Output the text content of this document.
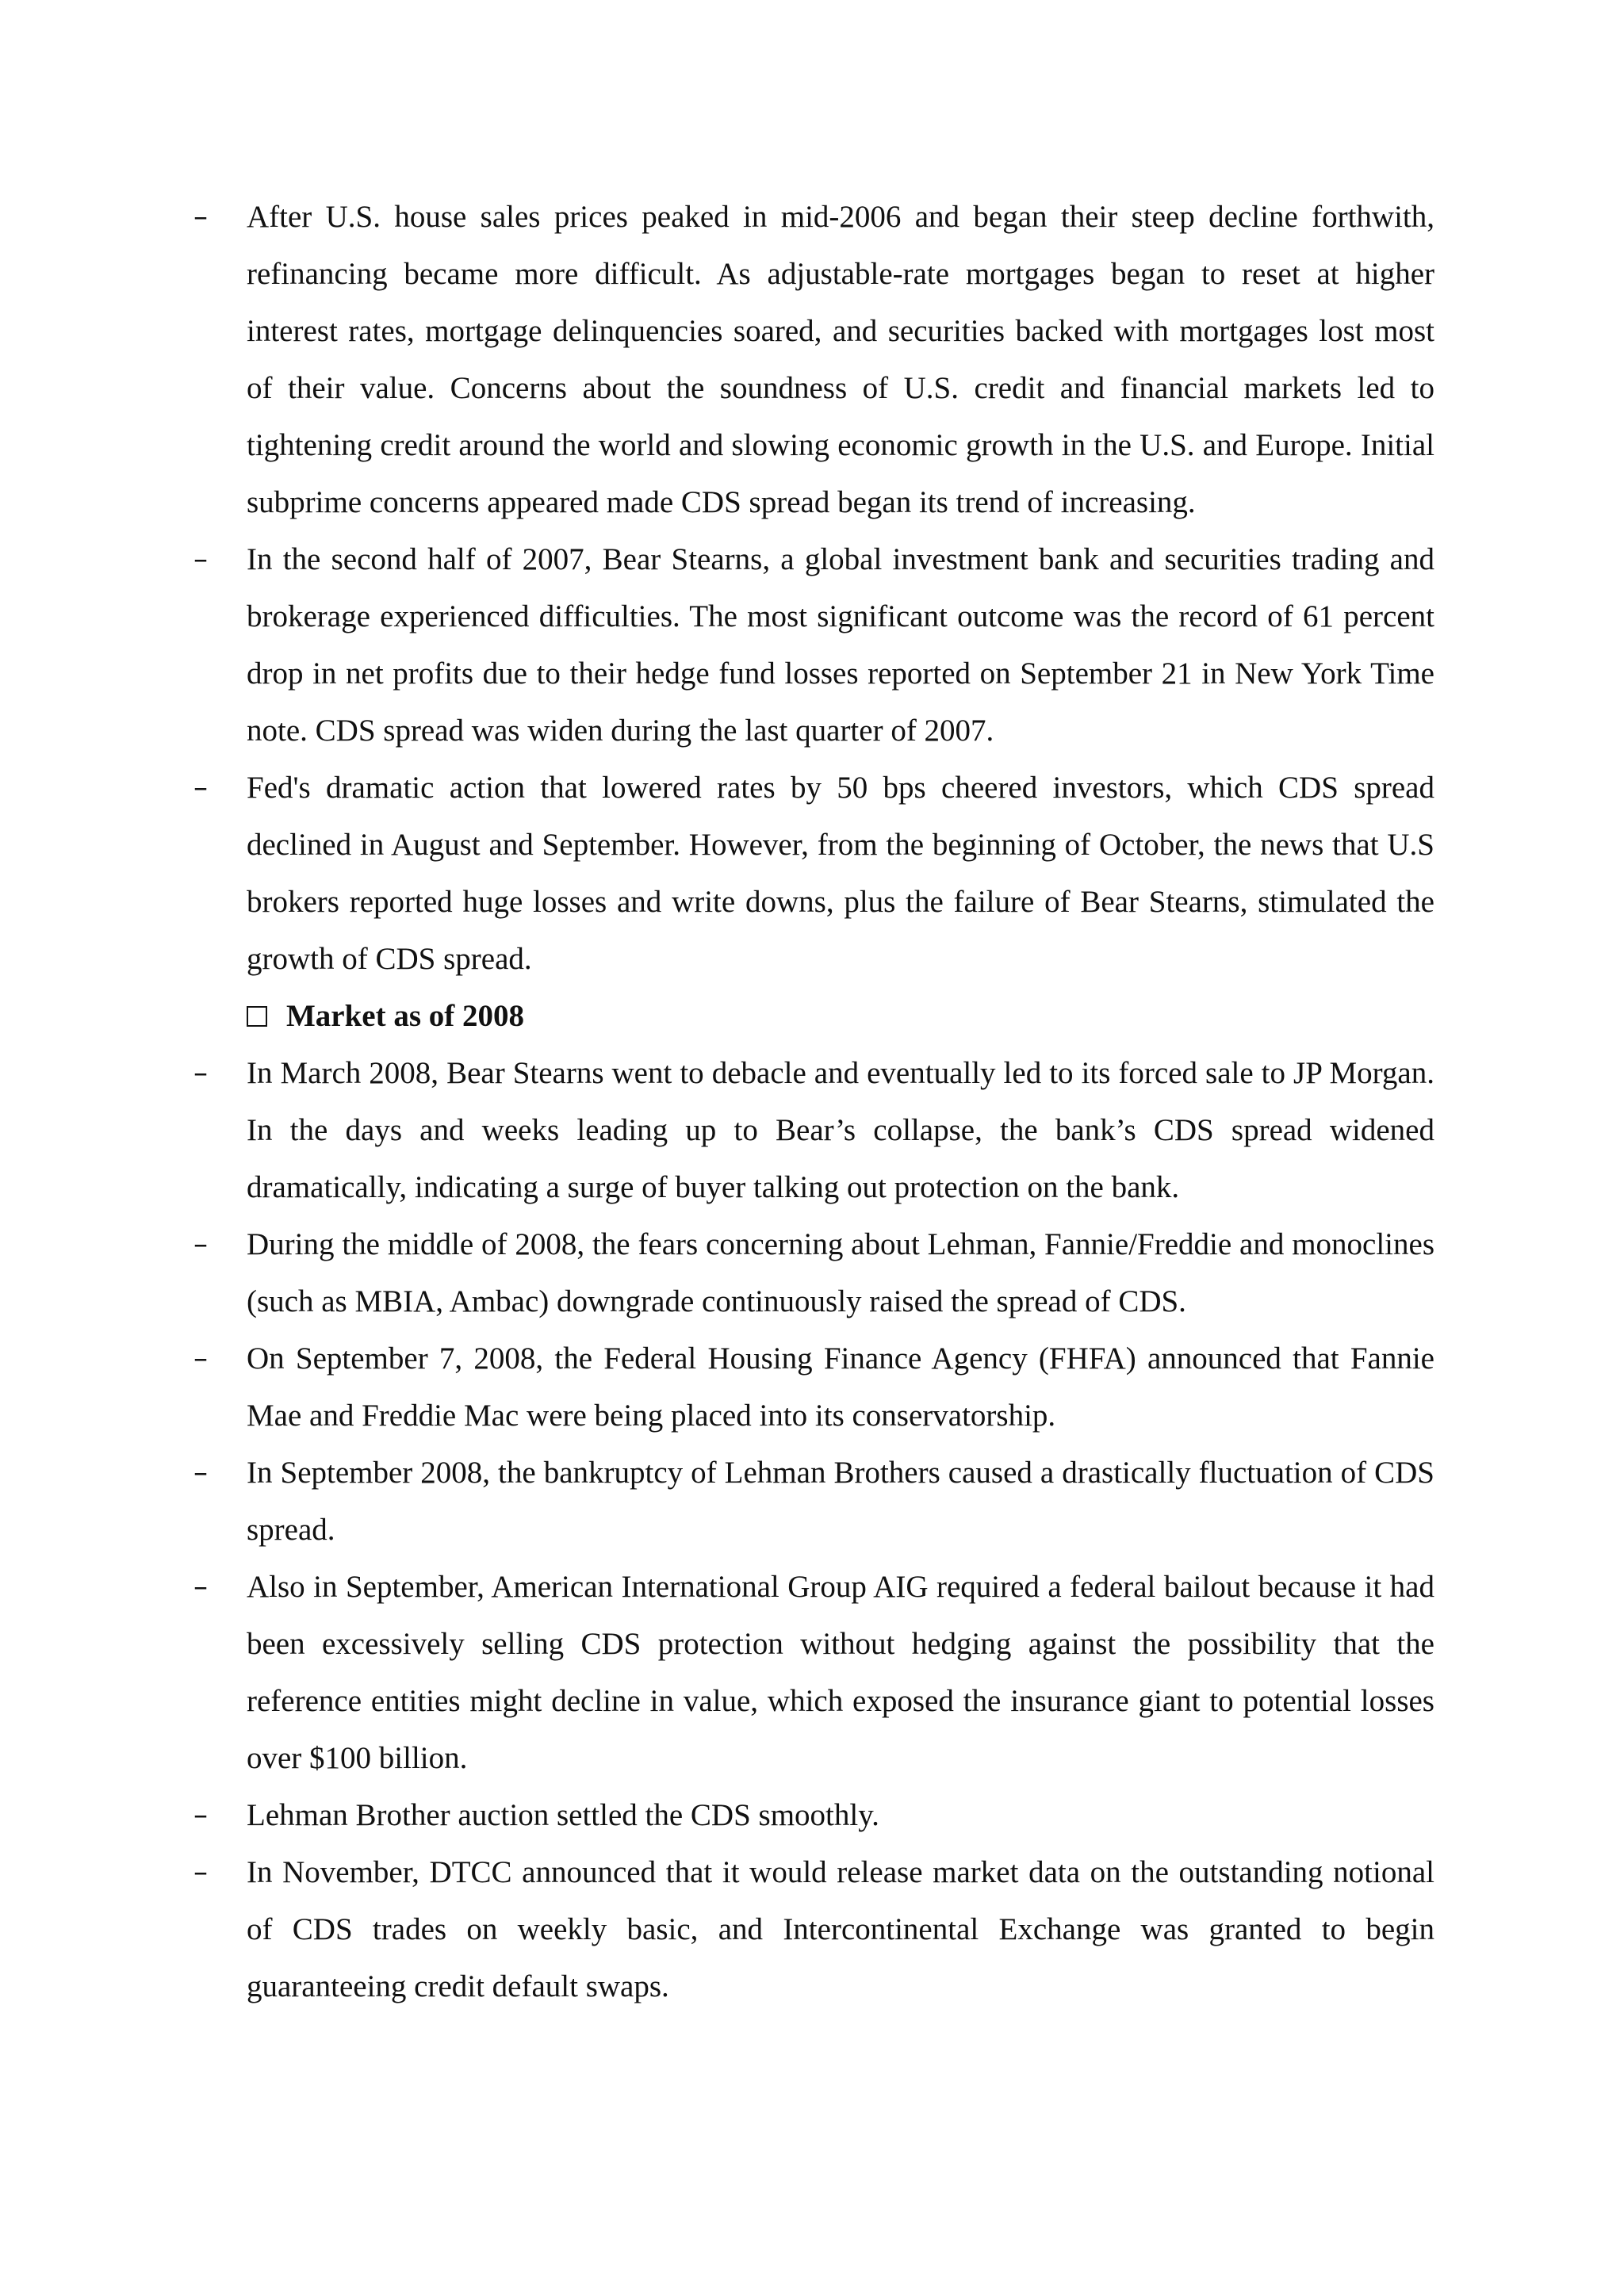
– After U.S. house sales prices peaked in mid-2006 and began their steep decline forthwith, refinancing became more difficult. As adjustable-rate mortgages began to reset at higher interest rates, mortgage delinquencies soared, and securities backed with mortgages lost most of their value. Concerns about the soundness of U.S. credit and financial markets led to tightening credit around the world and slowing economic growth in the U.S. and Europe. Initial subprime concerns appeared made CDS spread began its trend of increasing.
– In the second half of 2007, Bear Stearns, a global investment bank and securities trading and brokerage experienced difficulties. The most significant outcome was the record of 61 percent drop in net profits due to their hedge fund losses reported on September 21 in New York Time note. CDS spread was widen during the last quarter of 2007.
– Fed's dramatic action that lowered rates by 50 bps cheered investors, which CDS spread declined in August and September. However, from the beginning of October, the news that U.S brokers reported huge losses and write downs, plus the failure of Bear Stearns, stimulated the growth of CDS spread.
Market as of 2008
– In March 2008, Bear Stearns went to debacle and eventually led to its forced sale to JP Morgan. In the days and weeks leading up to Bear’s collapse, the bank’s CDS spread widened dramatically, indicating a surge of buyer talking out protection on the bank.
– During the middle of 2008, the fears concerning about Lehman, Fannie/Freddie and monoclines (such as MBIA, Ambac) downgrade continuously raised the spread of CDS.
– On September 7, 2008, the Federal Housing Finance Agency (FHFA) announced that Fannie Mae and Freddie Mac were being placed into its conservatorship.
– In September 2008, the bankruptcy of Lehman Brothers caused a drastically fluctuation of CDS spread.
– Also in September, American International Group AIG required a federal bailout because it had been excessively selling CDS protection without hedging against the possibility that the reference entities might decline in value, which exposed the insurance giant to potential losses over $100 billion.
– Lehman Brother auction settled the CDS smoothly.
– In November, DTCC announced that it would release market data on the outstanding notional of CDS trades on weekly basic, and Intercontinental Exchange was granted to begin guaranteeing credit default swaps.
